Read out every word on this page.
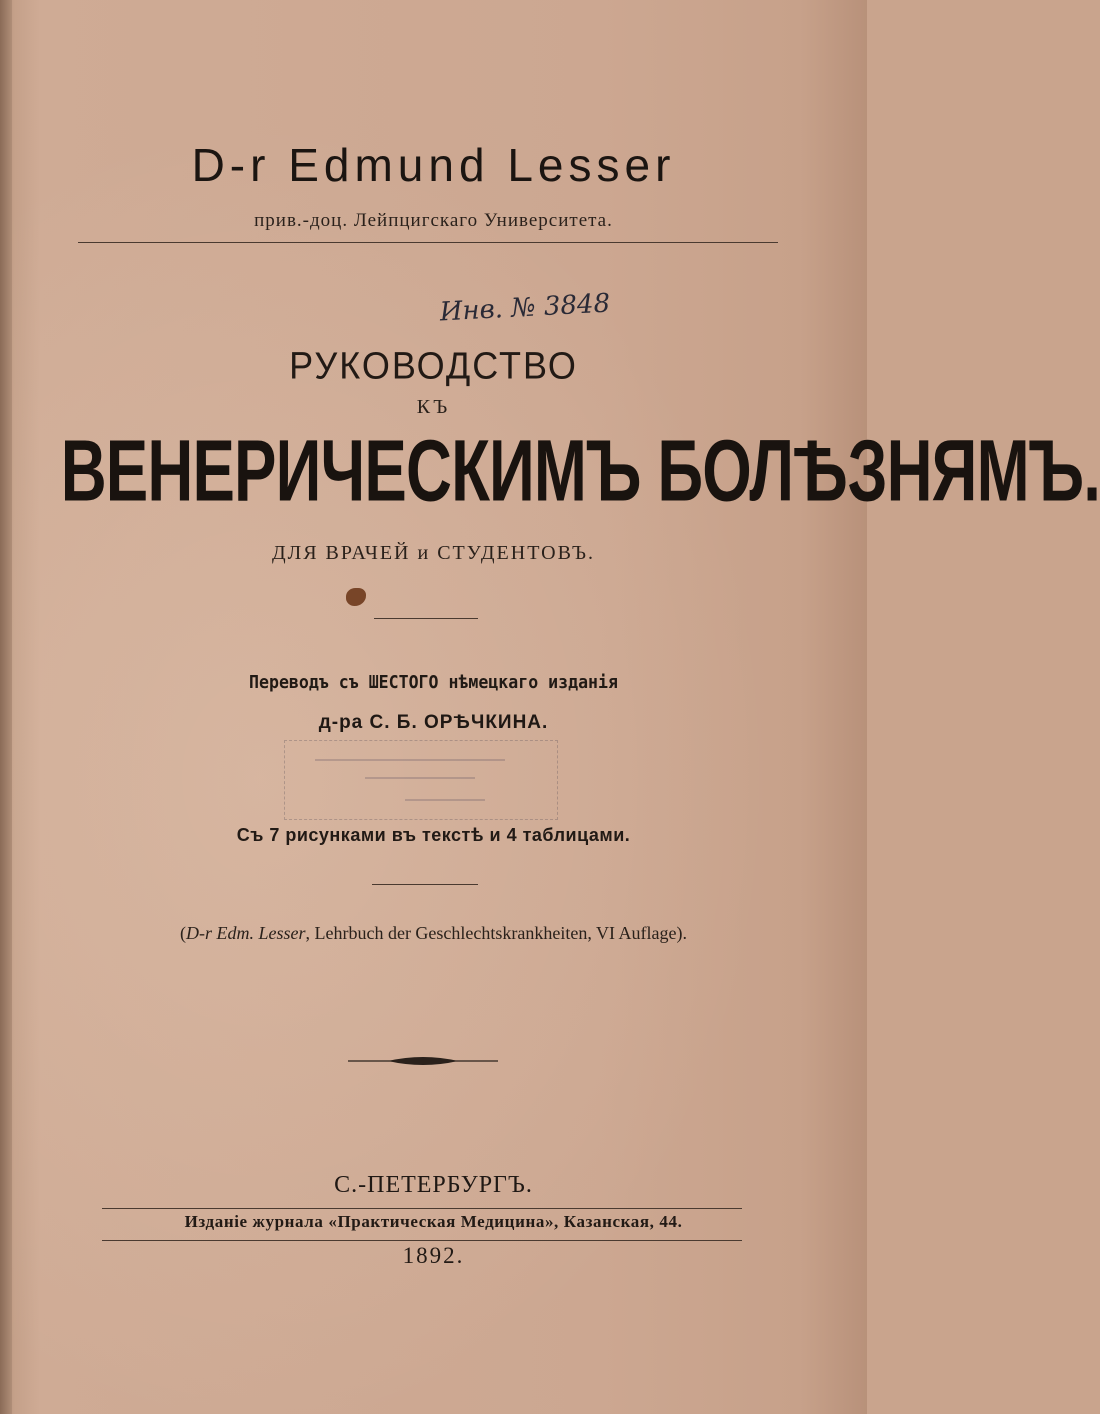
D-r Edmund Lesser
прив.-доц. Лейпцигскаго Университета.
Инв. № 3848
РУКОВОДСТВО
КЪ
ВЕНЕРИЧЕСКИМЪ БОЛѢЗНЯМЪ.
ДЛЯ ВРАЧЕЙ и СТУДЕНТОВЪ.
Переводъ съ ШЕСТОГО нѣмецкаго изданія
д-ра С. Б. ОРѢЧКИНА.
Съ 7 рисунками въ текстѣ и 4 таблицами.
(D-r Edm. Lesser, Lehrbuch der Geschlechtskrankheiten, VI Auflage).
С.-ПЕТЕРБУРГЪ.
Изданіе журнала «Практическая Медицина», Казанская, 44.
1892.
